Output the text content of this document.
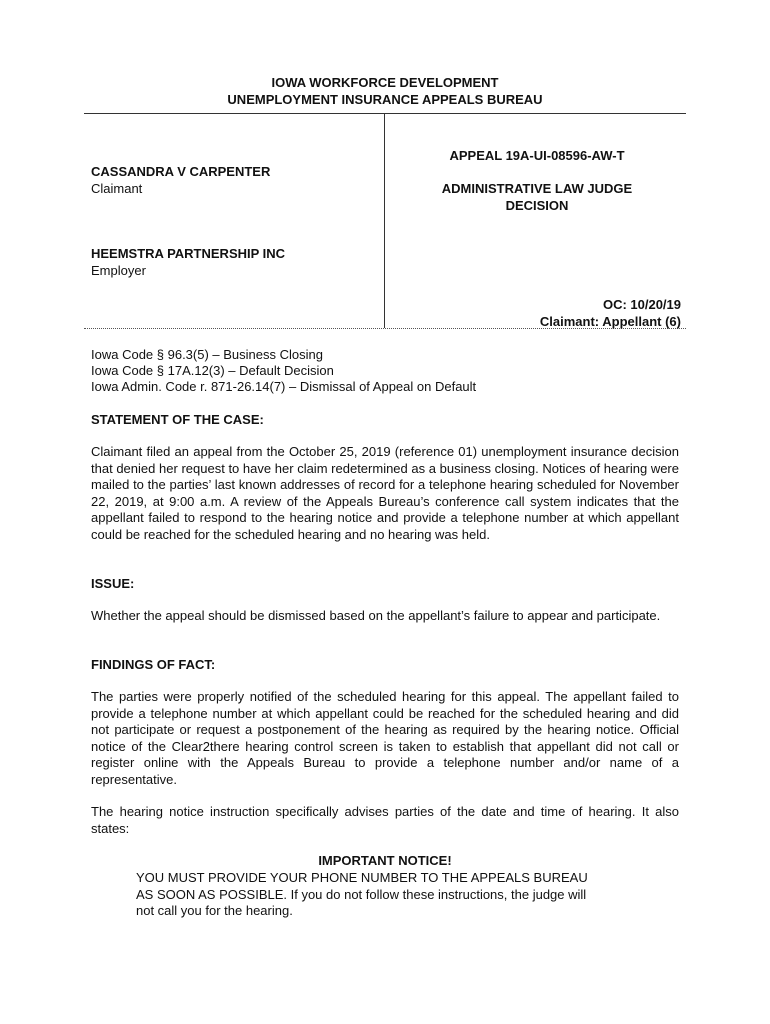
IOWA WORKFORCE DEVELOPMENT
UNEMPLOYMENT INSURANCE APPEALS BUREAU
CASSANDRA V CARPENTER
Claimant
HEEMSTRA PARTNERSHIP INC
Employer
APPEAL 19A-UI-08596-AW-T
ADMINISTRATIVE LAW JUDGE
DECISION
OC: 10/20/19
Claimant: Appellant (6)
Iowa Code § 96.3(5) – Business Closing
Iowa Code § 17A.12(3) – Default Decision
Iowa Admin. Code r. 871-26.14(7) – Dismissal of Appeal on Default
STATEMENT OF THE CASE:
Claimant filed an appeal from the October 25, 2019 (reference 01) unemployment insurance decision that denied her request to have her claim redetermined as a business closing. Notices of hearing were mailed to the parties’ last known addresses of record for a telephone hearing scheduled for November 22, 2019, at 9:00 a.m. A review of the Appeals Bureau’s conference call system indicates that the appellant failed to respond to the hearing notice and provide a telephone number at which appellant could be reached for the scheduled hearing and no hearing was held.
ISSUE:
Whether the appeal should be dismissed based on the appellant’s failure to appear and participate.
FINDINGS OF FACT:
The parties were properly notified of the scheduled hearing for this appeal. The appellant failed to provide a telephone number at which appellant could be reached for the scheduled hearing and did not participate or request a postponement of the hearing as required by the hearing notice. Official notice of the Clear2there hearing control screen is taken to establish that appellant did not call or register online with the Appeals Bureau to provide a telephone number and/or name of a representative.
The hearing notice instruction specifically advises parties of the date and time of hearing. It also states:
IMPORTANT NOTICE!
YOU MUST PROVIDE YOUR PHONE NUMBER TO THE APPEALS BUREAU
AS SOON AS POSSIBLE. If you do not follow these instructions, the judge will
not call you for the hearing.
